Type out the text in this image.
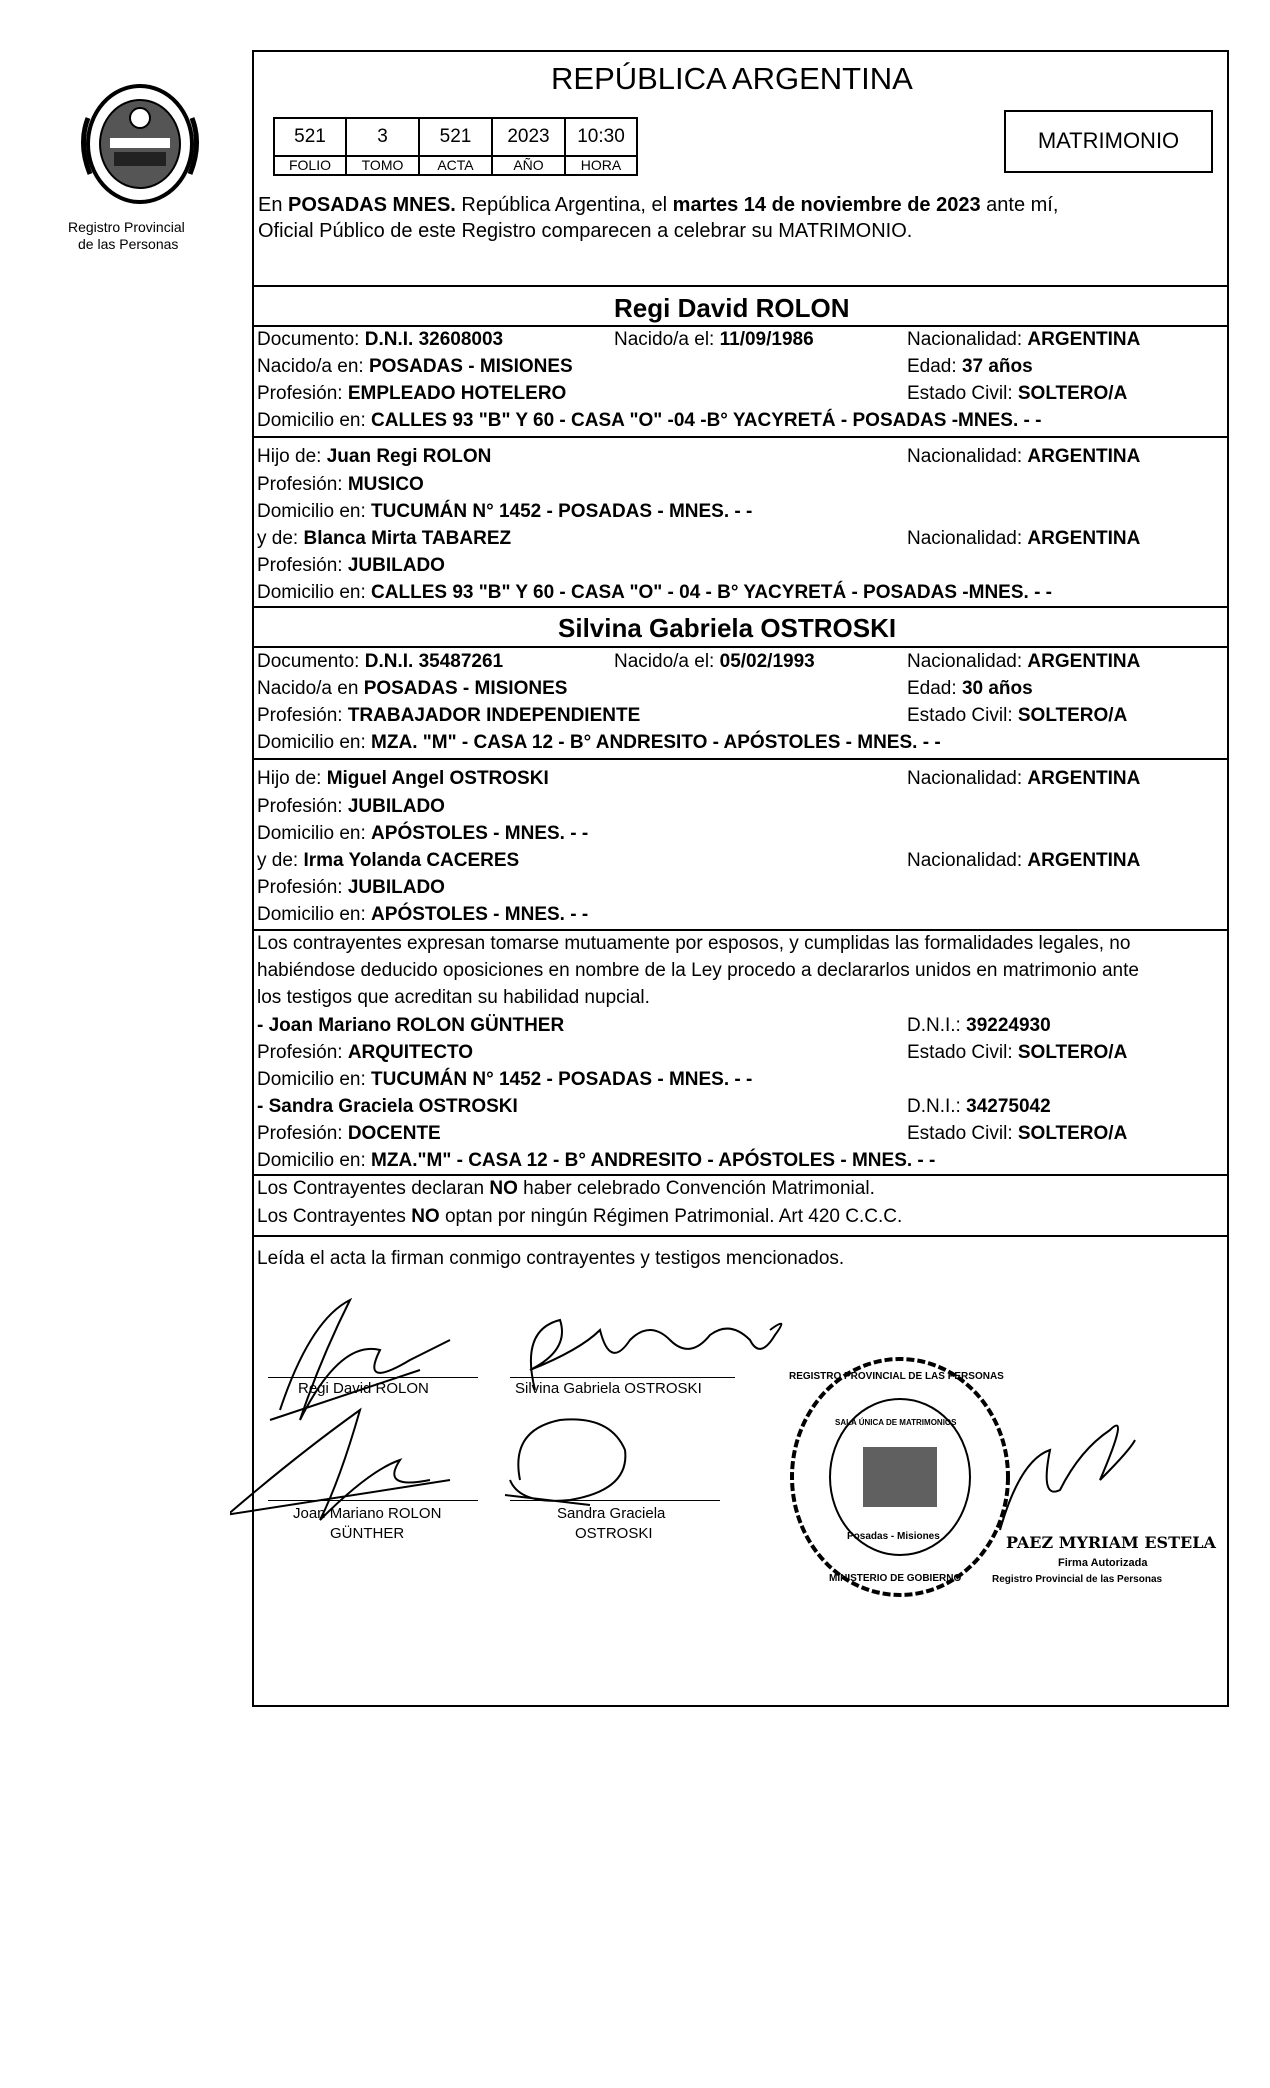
Registro Provincial
de las Personas
REPÚBLICA ARGENTINA
521	3	521	2023	10:30
FOLIO	TOMO	ACTA	AÑO	HORA
MATRIMONIO
En POSADAS MNES. República Argentina, el martes 14 de noviembre de 2023 ante mí,
Oficial Público de este Registro comparecen a celebrar su MATRIMONIO.
Regi David ROLON
Documento: D.N.I. 32608003	Nacido/a el: 11/09/1986	Nacionalidad: ARGENTINA
Nacido/a en: POSADAS - MISIONES	Edad: 37 años
Profesión: EMPLEADO HOTELERO	Estado Civil: SOLTERO/A
Domicilio en: CALLES 93 "B" Y 60 - CASA "O" -04 -B° YACYRETÁ - POSADAS -MNES. - -
Hijo de: Juan Regi ROLON	Nacionalidad: ARGENTINA
Profesión: MUSICO
Domicilio en: TUCUMÁN N° 1452 - POSADAS - MNES. - -
y de: Blanca Mirta TABAREZ	Nacionalidad: ARGENTINA
Profesión: JUBILADO
Domicilio en: CALLES 93 "B" Y 60 - CASA "O" - 04 - B° YACYRETÁ - POSADAS -MNES. - -
Silvina Gabriela OSTROSKI
Documento: D.N.I. 35487261	Nacido/a el: 05/02/1993	Nacionalidad: ARGENTINA
Nacido/a en POSADAS - MISIONES	Edad: 30 años
Profesión: TRABAJADOR INDEPENDIENTE	Estado Civil: SOLTERO/A
Domicilio en: MZA. "M" - CASA 12 - B° ANDRESITO - APÓSTOLES - MNES. - -
Hijo de: Miguel Angel OSTROSKI	Nacionalidad: ARGENTINA
Profesión: JUBILADO
Domicilio en: APÓSTOLES - MNES. - -
y de: Irma Yolanda CACERES	Nacionalidad: ARGENTINA
Profesión: JUBILADO
Domicilio en: APÓSTOLES - MNES. - -
Los contrayentes expresan tomarse mutuamente por esposos, y cumplidas las formalidades legales, no
habiéndose deducido oposiciones en nombre de la Ley procedo a declararlos unidos en matrimonio ante
los testigos que acreditan su habilidad nupcial.
- Joan Mariano ROLON GÜNTHER	D.N.I.: 39224930
Profesión: ARQUITECTO	Estado Civil: SOLTERO/A
Domicilio en: TUCUMÁN N° 1452 - POSADAS - MNES. - -
- Sandra Graciela OSTROSKI	D.N.I.: 34275042
Profesión: DOCENTE	Estado Civil: SOLTERO/A
Domicilio en: MZA."M" - CASA 12 - B° ANDRESITO - APÓSTOLES - MNES. - -
Los Contrayentes declaran NO haber celebrado Convención Matrimonial.
Los Contrayentes NO optan por ningún Régimen Patrimonial. Art 420 C.C.C.
Leída el acta la firman conmigo contrayentes y testigos mencionados.
Regi David ROLON	Silvina Gabriela OSTROSKI
Joan Mariano ROLON
GÜNTHER
Sandra Graciela
OSTROSKI
REGISTRO PROVINCIAL DE LAS PERSONAS
SALA ÚNICA DE MATRIMONIOS
Posadas - Misiones
MINISTERIO DE GOBIERNO
PAEZ MYRIAM ESTELA
Firma Autorizada
Registro Provincial de las Personas
